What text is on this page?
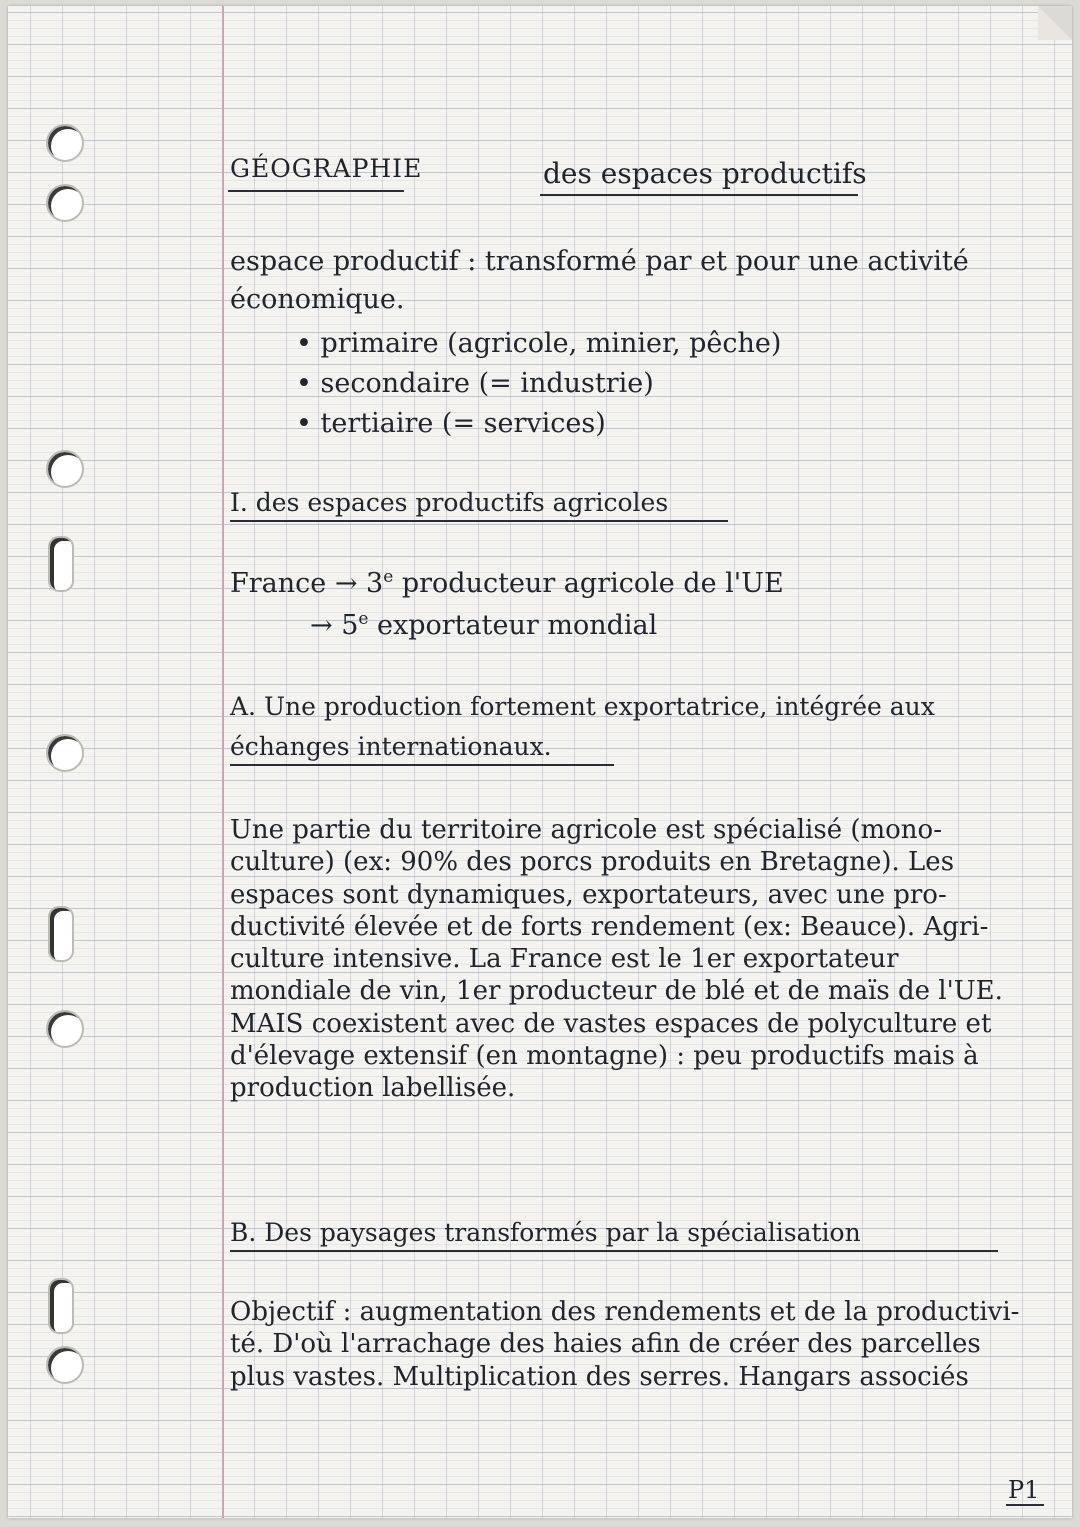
GÉOGRAPHIE	des espaces productifs
espace productif : transformé par et pour une activité
économique.
• primaire (agricole, minier, pêche)
• secondaire (= industrie)
• tertiaire (= services)
I. des espaces productifs agricoles
France → $3^e$ producteur agricole de l'UE
→ $5^e$ exportateur mondial
A. Une production fortement exportatrice, intégrée aux
échanges internationaux.
Une partie du territoire agricole est spécialisé (mono-
culture) (ex: 90% des porcs produits en Bretagne). Les
espaces sont dynamiques, exportateurs, avec une pro-
ductivité élevée et de forts rendement (ex: Beauce). Agri-
culture intensive. La France est le 1er exportateur
mondiale de vin, 1er producteur de blé et de maïs de l'UE.
MAIS coexistent avec de vastes espaces de polyculture et
d'élevage extensif (en montagne) : peu productifs mais à
production labellisée.
B. Des paysages transformés par la spécialisation
Objectif : augmentation des rendements et de la productivi-
té. D'où l'arrachage des haies afin de créer des parcelles
plus vastes. Multiplication des serres. Hangars associés
P1
